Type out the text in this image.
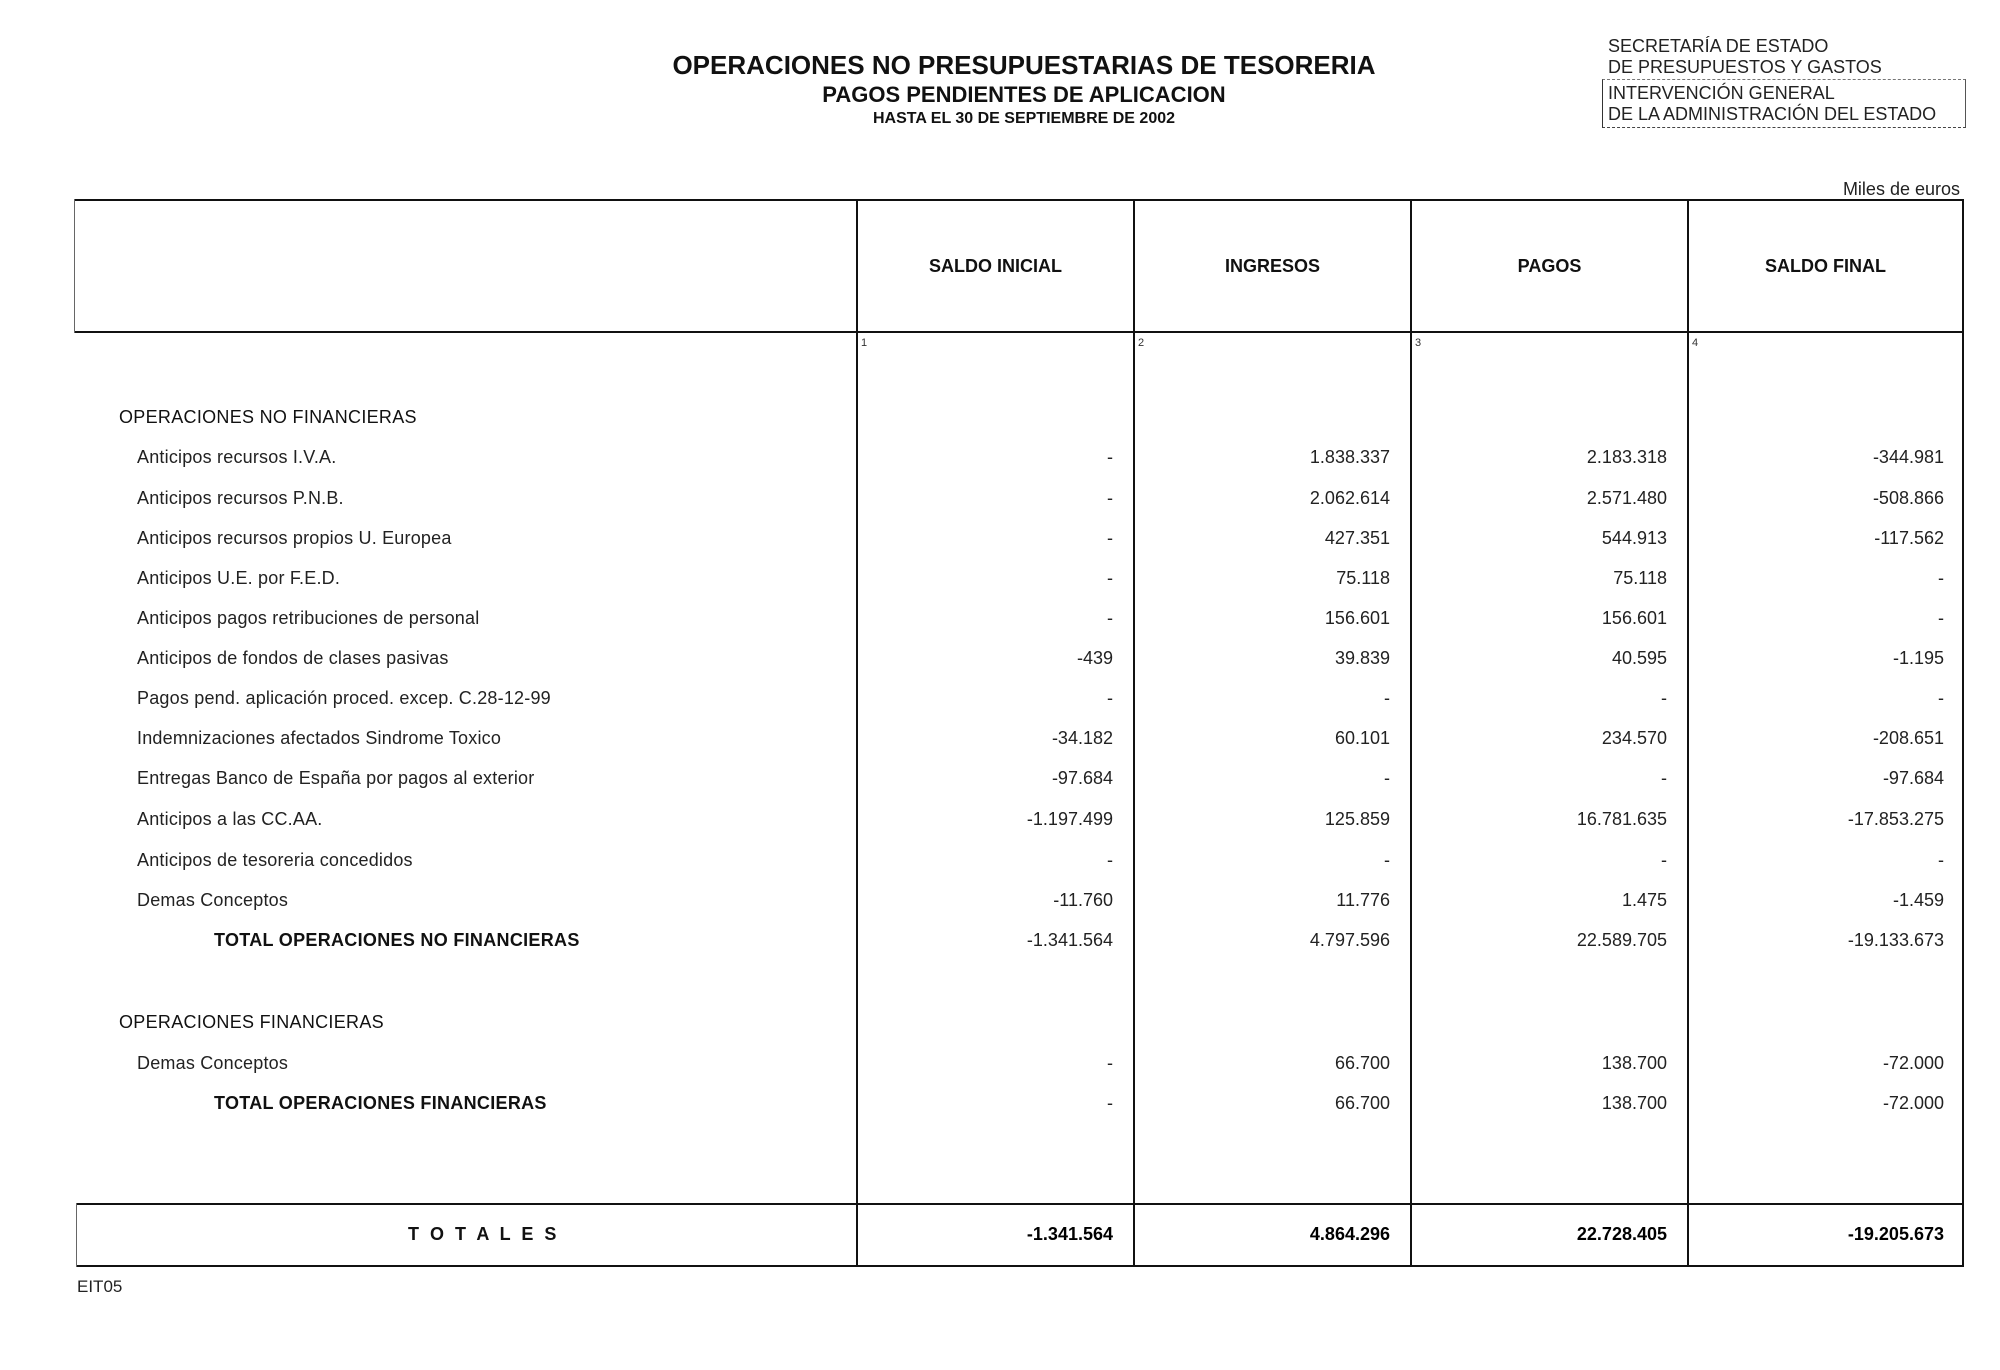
OPERACIONES NO PRESUPUESTARIAS DE TESORERIA
PAGOS PENDIENTES DE APLICACION
HASTA EL 30 DE SEPTIEMBRE DE 2002
SECRETARÍA DE ESTADO
DE PRESUPUESTOS Y GASTOS
INTERVENCIÓN GENERAL
DE LA ADMINISTRACIÓN DEL ESTADO
Miles de euros
SALDO INICIAL	INGRESOS	PAGOS	SALDO FINAL
1	2	3	4
OPERACIONES NO FINANCIERAS
Anticipos recursos I.V.A.	-	1.838.337	2.183.318	-344.981
Anticipos recursos P.N.B.	-	2.062.614	2.571.480	-508.866
Anticipos recursos propios U. Europea	-	427.351	544.913	-117.562
Anticipos U.E. por F.E.D.	-	75.118	75.118	-
Anticipos pagos retribuciones de personal	-	156.601	156.601	-
Anticipos de fondos de clases pasivas	-439	39.839	40.595	-1.195
Pagos pend. aplicación proced. excep. C.28-12-99	-	-	-	-
Indemnizaciones afectados Sindrome Toxico	-34.182	60.101	234.570	-208.651
Entregas Banco de España por pagos al exterior	-97.684	-	-	-97.684
Anticipos a las CC.AA.	-1.197.499	125.859	16.781.635	-17.853.275
Anticipos de tesoreria concedidos	-	-	-	-
Demas Conceptos	-11.760	11.776	1.475	-1.459
TOTAL OPERACIONES NO FINANCIERAS	-1.341.564	4.797.596	22.589.705	-19.133.673
OPERACIONES FINANCIERAS
Demas Conceptos	-	66.700	138.700	-72.000
TOTAL OPERACIONES FINANCIERAS	-	66.700	138.700	-72.000
T O T A L E S	-1.341.564	4.864.296	22.728.405	-19.205.673
EIT05
